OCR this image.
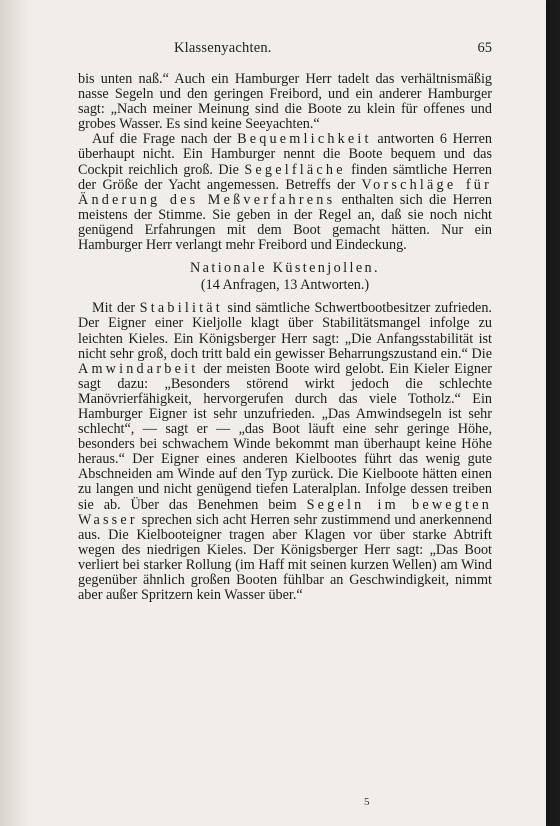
Klassenyachten.	65

bis unten naß.“ Auch ein Hamburger Herr tadelt das verhältnismäßig nasse Segeln und den geringen Freibord, und ein anderer Hamburger sagt: „Nach meiner Meinung sind die Boote zu klein für offenes und grobes Wasser. Es sind keine Seeyachten.“

Auf die Frage nach der Bequemlichkeit antworten 6 Herren überhaupt nicht. Ein Hamburger nennt die Boote bequem und das Cockpit reichlich groß. Die Segelfläche finden sämtliche Herren der Größe der Yacht angemessen. Betreffs der Vorschläge für Änderung des Meßverfahrens enthalten sich die Herren meistens der Stimme. Sie geben in der Regel an, daß sie noch nicht genügend Erfahrungen mit dem Boot gemacht hätten. Nur ein Hamburger Herr verlangt mehr Freibord und Eindeckung.

Nationale Küstenjollen.
(14 Anfragen, 13 Antworten.)

Mit der Stabilität sind sämtliche Schwertbootbesitzer zufrieden. Der Eigner einer Kieljolle klagt über Stabilitätsmangel infolge zu leichten Kieles. Ein Königsberger Herr sagt: „Die Anfangsstabilität ist nicht sehr groß, doch tritt bald ein gewisser Beharrungszustand ein.“ Die Amwindarbeit der meisten Boote wird gelobt. Ein Kieler Eigner sagt dazu: „Besonders störend wirkt jedoch die schlechte Manövrierfähigkeit, hervorgerufen durch das viele Totholz.“ Ein Hamburger Eigner ist sehr unzufrieden. „Das Amwindsegeln ist sehr schlecht“, — sagt er — „das Boot läuft eine sehr geringe Höhe, besonders bei schwachem Winde bekommt man überhaupt keine Höhe heraus.“ Der Eigner eines anderen Kielbootes führt das wenig gute Abschneiden am Winde auf den Typ zurück. Die Kielboote hätten einen zu langen und nicht genügend tiefen Lateralplan. Infolge dessen treiben sie ab. Über das Benehmen beim Segeln im bewegten Wasser sprechen sich acht Herren sehr zustimmend und anerkennend aus. Die Kielbooteigner tragen aber Klagen vor über starke Abtrift wegen des niedrigen Kieles. Der Königsberger Herr sagt: „Das Boot verliert bei starker Rollung (im Haff mit seinen kurzen Wellen) am Wind gegenüber ähnlich großen Booten fühlbar an Geschwindigkeit, nimmt aber außer Spritzern kein Wasser über.“

5
